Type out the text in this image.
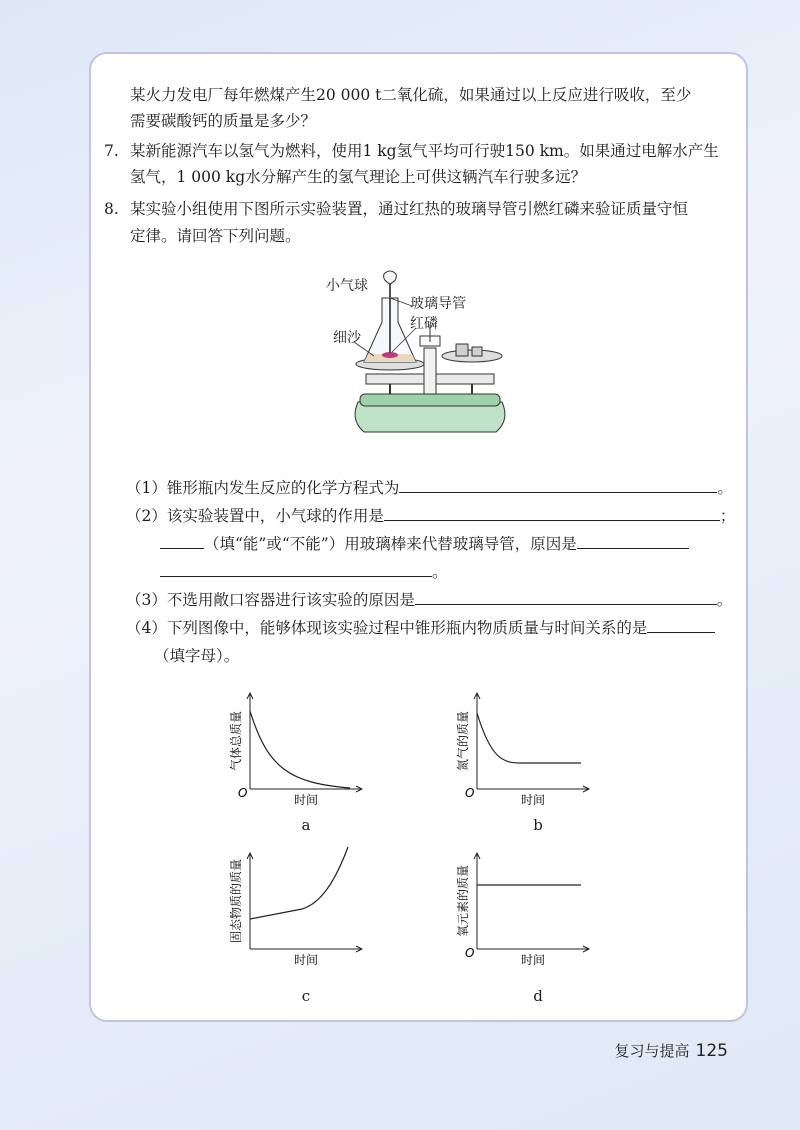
某火力发电厂每年燃煤产生20 000 t二氧化硫，如果通过以上反应进行吸收，至少
需要碳酸钙的质量是多少？
7. 某新能源汽车以氢气为燃料，使用1 kg氢气平均可行驶150 km。如果通过电解水产生
氢气，1 000 kg水分解产生的氢气理论上可供这辆汽车行驶多远？
8. 某实验小组使用下图所示实验装置，通过红热的玻璃导管引燃红磷来验证质量守恒
定律。请回答下列问题。
小气球
玻璃导管
红磷
细沙
（1）锥形瓶内发生反应的化学方程式为	。
（2）该实验装置中，小气球的作用是	；
（填“能”或“不能”）用玻璃棒来代替玻璃导管，原因是
。
（3）不选用敞口容器进行该实验的原因是	。
（4）下列图像中，能够体现该实验过程中锥形瓶内物质质量与时间关系的是
（填字母）。
气体总质量
时间
O
a
氮气的质量
时间
O
b
固态物质的质量
时间
c
氧元素的质量
时间
O
d
复习与提高 125
